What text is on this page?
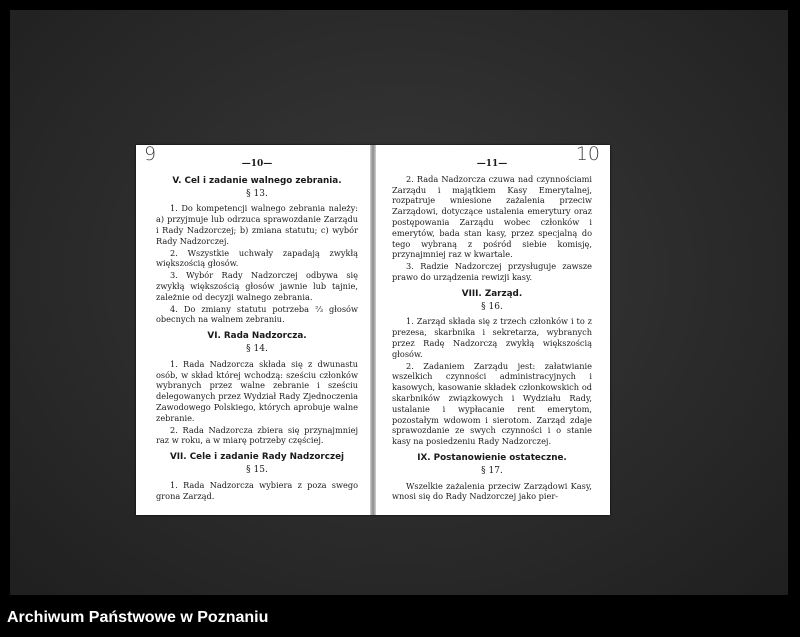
9	—10—
V. Cel i zadanie walnego zebrania.
§ 13.

1. Do kompetencji walnego zebrania należy: a) przyjmuje lub odrzuca sprawozdanie Zarządu i Rady Nadzorczej; b) zmiana statutu; c) wybór Rady Nadzorczej.

2. Wszystkie uchwały zapadają zwykłą większością głosów.

3. Wybór Rady Nadzorczej odbywa się zwykłą większością głosów jawnie lub tajnie, zależnie od decyzji walnego zebrania.

4. Do zmiany statutu potrzeba ⅔ głosów obecnych na walnem zebraniu.

VI. Rada Nadzorcza.
§ 14.

1. Rada Nadzorcza składa się z dwunastu osób, w skład której wchodzą: sześciu członków wybranych przez walne zebranie i sześciu delegowanych przez Wydział Rady Zjednoczenia Zawodowego Polskiego, których aprobuje walne zebranie.

2. Rada Nadzorcza zbiera się przynajmniej raz w roku, a w miarę potrzeby częściej.

VII. Cele i zadanie Rady Nadzorczej
§ 15.

1. Rada Nadzorcza wybiera z poza swego grona Zarząd.

10
—11—

2. Rada Nadzorcza czuwa nad czynnościami Zarządu i majątkiem Kasy Emerytalnej, rozpatruje wniesione zażalenia przeciw Zarządowi, dotyczące ustalenia emerytury oraz postępowania Zarządu wobec członków i emerytów, bada stan kasy, przez specjalną do tego wybraną z pośród siebie komisję, przynajmniej raz w kwartale.

3. Radzie Nadzorczej przysługuje zawsze prawo do urządzenia rewizji kasy.

VIII. Zarząd.
§ 16.

1. Zarząd składa się z trzech członków i to z prezesa, skarbnika i sekretarza, wybranych przez Radę Nadzorczą zwykłą większością głosów.

2. Zadaniem Zarządu jest: załatwianie wszelkich czynności administracyjnych i kasowych, kasowanie składek członkowskich od skarbników związkowych i Wydziału Rady, ustalanie i wypłacanie rent emerytom, pozostałym wdowom i sierotom. Zarząd zdaje sprawozdanie ze swych czynności i o stanie kasy na posiedzeniu Rady Nadzorczej.

IX. Postanowienie ostateczne.
§ 17.

Wszelkie zażalenia przeciw Zarządowi Kasy, wnosi się do Rady Nadzorczej jako pier-

Archiwum Państwowe w Poznaniu
